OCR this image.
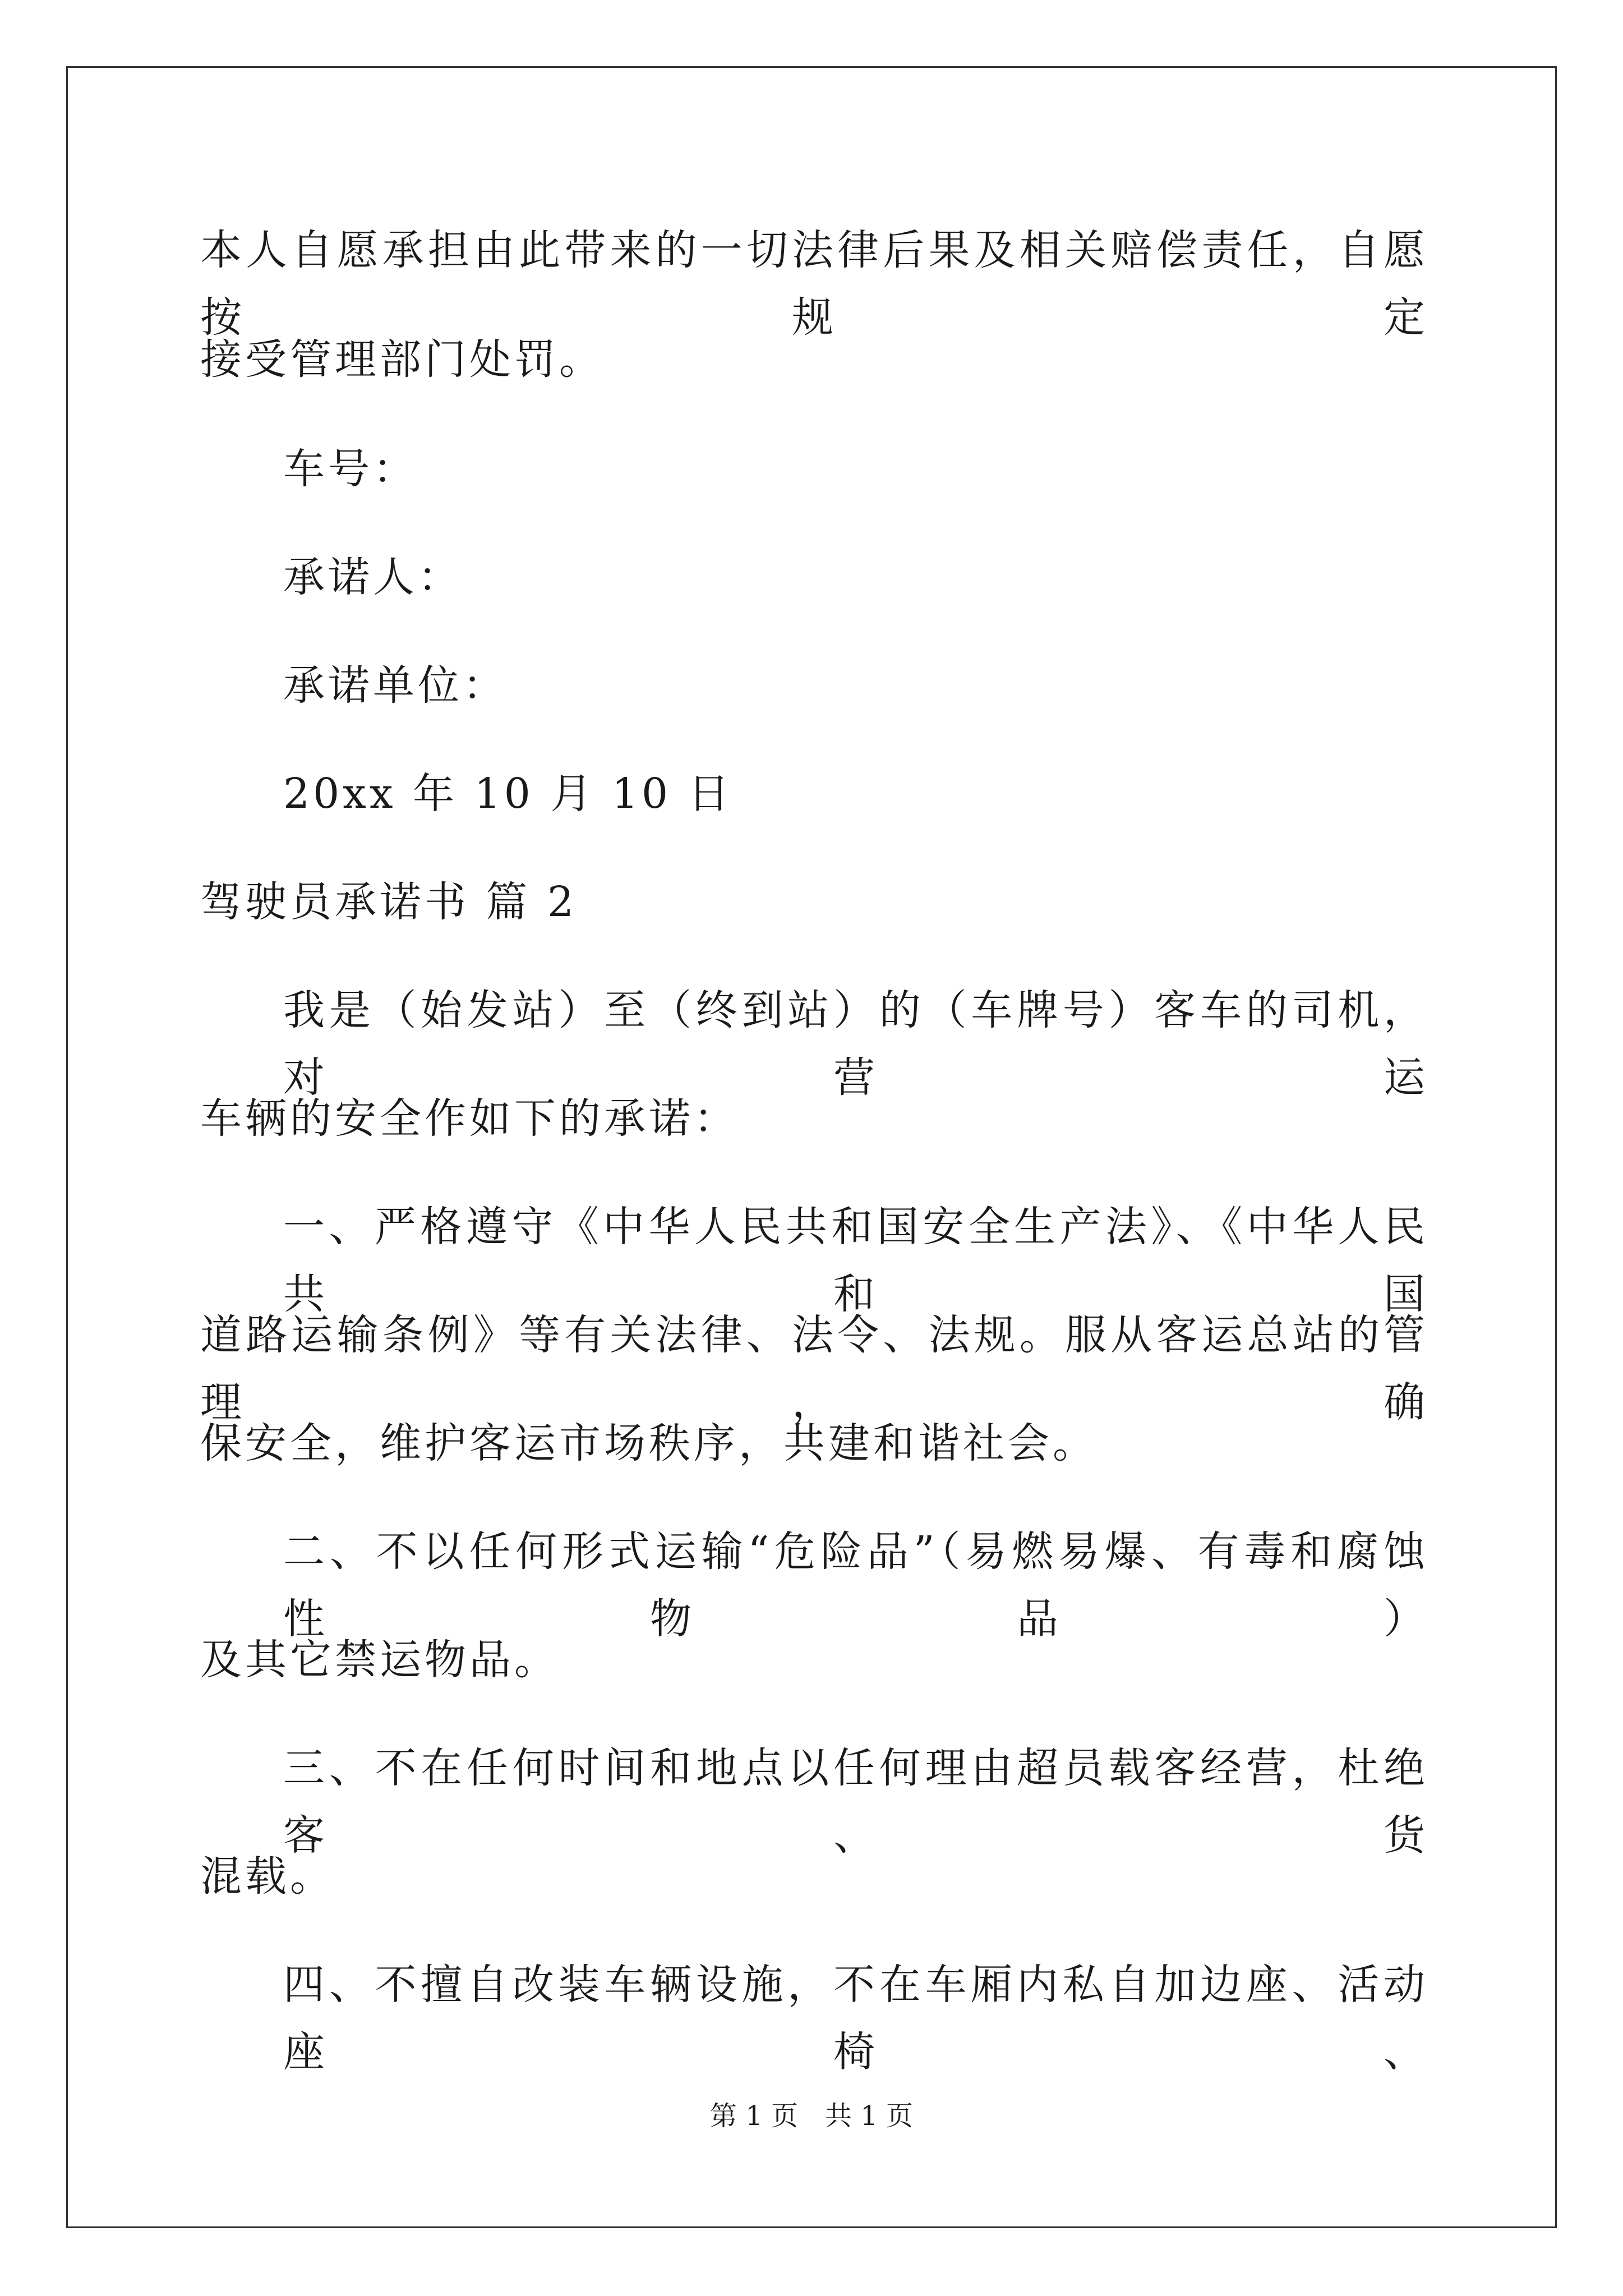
本人自愿承担由此带来的一切法律后果及相关赔偿责任，自愿按规定
接受管理部门处罚。
车号：
承诺人：
承诺单位：
20xx 年 10 月 10 日
驾驶员承诺书 篇 2
我是（始发站）至（终到站）的（车牌号）客车的司机，对营运
车辆的安全作如下的承诺：
一、严格遵守《中华人民共和国安全生产法》、《中华人民共和国
道路运输条例》等有关法律、法令、法规。服从客运总站的管理，确
保安全，维护客运市场秩序，共建和谐社会。
二、不以任何形式运输“危险品”（易燃易爆、有毒和腐蚀性物品）
及其它禁运物品。
三、不在任何时间和地点以任何理由超员载客经营，杜绝客、货
混载。
四、不擅自改装车辆设施，不在车厢内私自加边座、活动座椅、
第 1 页 共 1 页
